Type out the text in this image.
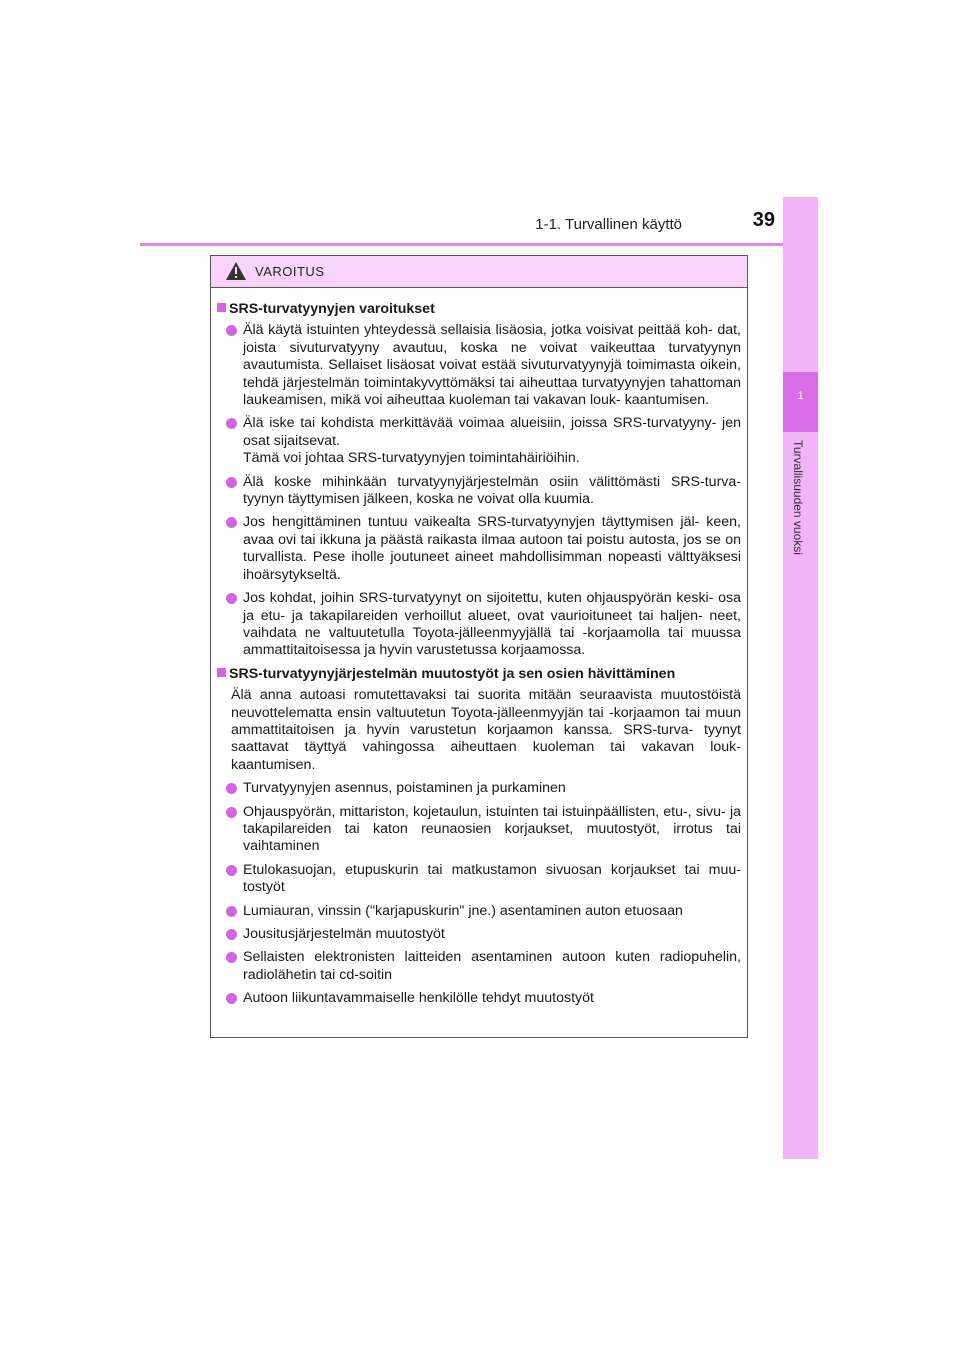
1-1. Turvallinen käyttö	39
1
Turvallisuuden vuoksi
VAROITUS
SRS-turvatyynyjen varoitukset
Älä käytä istuinten yhteydessä sellaisia lisäosia, jotka voisivat peittää koh- dat, joista sivuturvatyyny avautuu, koska ne voivat vaikeuttaa turvatyynyn avautumista. Sellaiset lisäosat voivat estää sivuturvatyynyjä toimimasta oikein, tehdä järjestelmän toimintakyvyttömäksi tai aiheuttaa turvatyynyjen tahattoman laukeamisen, mikä voi aiheuttaa kuoleman tai vakavan louk- kaantumisen.
Älä iske tai kohdista merkittävää voimaa alueisiin, joissa SRS-turvatyyny- jen osat sijaitsevat.
Tämä voi johtaa SRS-turvatyynyjen toimintahäiriöihin.
Älä koske mihinkään turvatyynyjärjestelmän osiin välittömästi SRS-turva- tyynyn täyttymisen jälkeen, koska ne voivat olla kuumia.
Jos hengittäminen tuntuu vaikealta SRS-turvatyynyjen täyttymisen jäl- keen, avaa ovi tai ikkuna ja päästä raikasta ilmaa autoon tai poistu autosta, jos se on turvallista. Pese iholle joutuneet aineet mahdollisimman nopeasti välttyäksesi ihoärsytykseltä.
Jos kohdat, joihin SRS-turvatyynyt on sijoitettu, kuten ohjauspyörän keski- osa ja etu- ja takapilareiden verhoillut alueet, ovat vaurioituneet tai haljen- neet, vaihdata ne valtuutetulla Toyota-jälleenmyyjällä tai -korjaamolla tai muussa ammattitaitoisessa ja hyvin varustetussa korjaamossa.
SRS-turvatyynyjärjestelmän muutostyöt ja sen osien hävittäminen
Älä anna autoasi romutettavaksi tai suorita mitään seuraavista muutostöistä neuvottelematta ensin valtuutetun Toyota-jälleenmyyjän tai -korjaamon tai muun ammattitaitoisen ja hyvin varustetun korjaamon kanssa. SRS-turva- tyynyt saattavat täyttyä vahingossa aiheuttaen kuoleman tai vakavan louk- kaantumisen.
Turvatyynyjen asennus, poistaminen ja purkaminen
Ohjauspyörän, mittariston, kojetaulun, istuinten tai istuinpäällisten, etu-, sivu- ja takapilareiden tai katon reunaosien korjaukset, muutostyöt, irrotus tai vaihtaminen
Etulokasuojan, etupuskurin tai matkustamon sivuosan korjaukset tai muu- tostyöt
Lumiauran, vinssin ("karjapuskurin" jne.) asentaminen auton etuosaan
Jousitusjärjestelmän muutostyöt
Sellaisten elektronisten laitteiden asentaminen autoon kuten radiopuhelin, radiolähetin tai cd-soitin
Autoon liikuntavammaiselle henkilölle tehdyt muutostyöt
